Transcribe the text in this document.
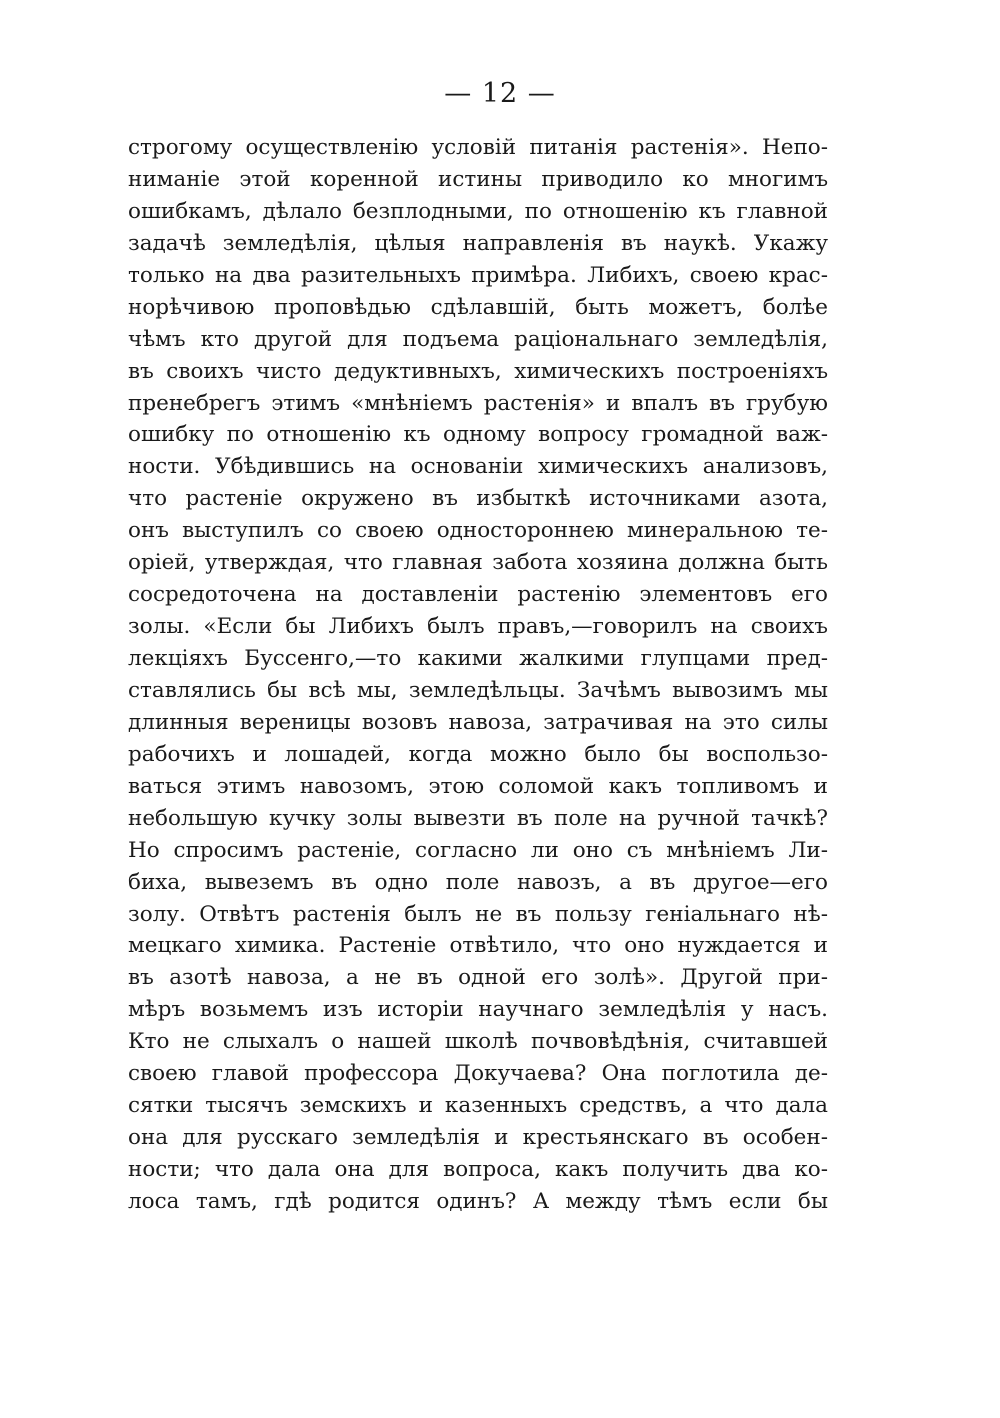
— 12 —
строгому осуществленію условій питанія растенія». Непо-
ниманіе этой коренной истины приводило ко многимъ
ошибкамъ, дѣлало безплодными, по отношенію къ главной
задачѣ земледѣлія, цѣлыя направленія въ наукѣ. Укажу
только на два разительныхъ примѣра. Либихъ, своею крас-
норѣчивою проповѣдью сдѣлавшій, быть можетъ, болѣе
чѣмъ кто другой для подъема раціональнаго земледѣлія,
въ своихъ чисто дедуктивныхъ, химическихъ построеніяхъ
пренебрегъ этимъ «мнѣніемъ растенія» и впалъ въ грубую
ошибку по отношенію къ одному вопросу громадной важ-
ности. Убѣдившись на основаніи химическихъ анализовъ,
что растеніе окружено въ избыткѣ источниками азота,
онъ выступилъ со своею одностороннею минеральною те-
оріей, утверждая, что главная забота хозяина должна быть
сосредоточена на доставленіи растенію элементовъ его
золы. «Если бы Либихъ былъ правъ,—говорилъ на своихъ
лекціяхъ Буссенго,—то какими жалкими глупцами пред-
ставлялись бы всѣ мы, земледѣльцы. Зачѣмъ вывозимъ мы
длинныя вереницы возовъ навоза, затрачивая на это силы
рабочихъ и лошадей, когда можно было бы воспользо-
ваться этимъ навозомъ, этою соломой какъ топливомъ и
небольшую кучку золы вывезти въ поле на ручной тачкѣ?
Но спросимъ растеніе, согласно ли оно съ мнѣніемъ Ли-
биха, вывеземъ въ одно поле навозъ, а въ другое—его
золу. Отвѣтъ растенія былъ не въ пользу геніальнаго нѣ-
мецкаго химика. Растеніе отвѣтило, что оно нуждается и
въ азотѣ навоза, а не въ одной его золѣ». Другой при-
мѣръ возьмемъ изъ исторіи научнаго земледѣлія у насъ.
Кто не слыхалъ о нашей школѣ почвовѣдѣнія, считавшей
своею главой профессора Докучаева? Она поглотила де-
сятки тысячъ земскихъ и казенныхъ средствъ, а что дала
она для русскаго земледѣлія и крестьянскаго въ особен-
ности; что дала она для вопроса, какъ получить два ко-
лоса тамъ, гдѣ родится одинъ? А между тѣмъ если бы
